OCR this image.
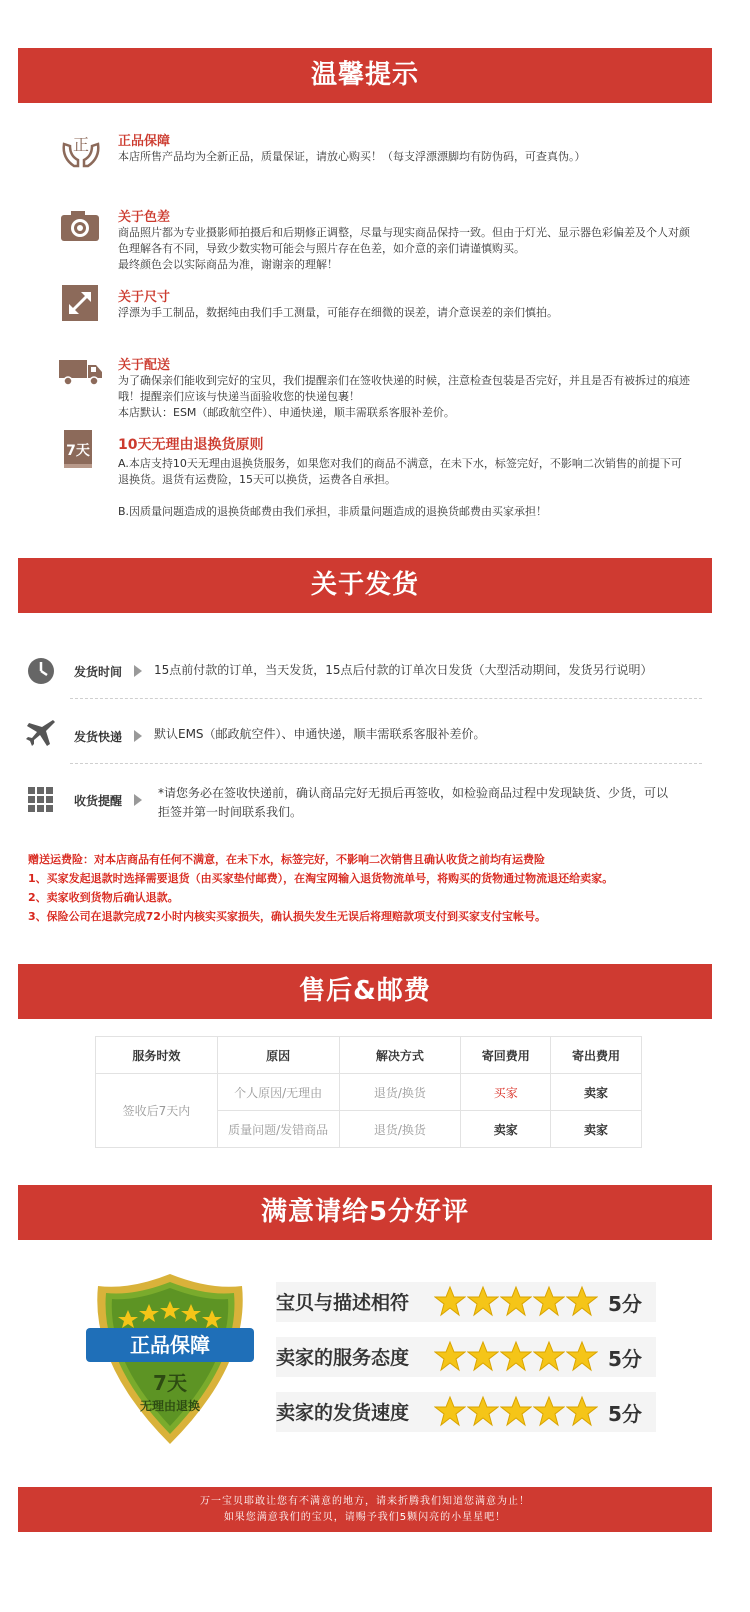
温馨提示
正 正品保障

本店所售产品均为全新正品，质量保证，请放心购买！（每支浮漂漂脚均有防伪码，可查真伪。）

关于色差

商品照片都为专业摄影师拍摄后和后期修正调整，尽量与现实商品保持一致。但由于灯光、显示器色彩偏差及个人对颜色理解各有不同，导致少数实物可能会与照片存在色差，如介意的亲们请谨慎购买。

最终颜色会以实际商品为准，谢谢亲的理解！

关于尺寸

浮漂为手工制品，数据纯由我们手工测量，可能存在细微的误差，请介意误差的亲们慎拍。

关于配送

为了确保亲们能收到完好的宝贝，我们提醒亲们在签收快递的时候，注意检查包装是否完好，并且是否有被拆过的痕迹哦！提醒亲们应该与快递当面验收您的快递包裹！

本店默认：ESM（邮政航空件）、申通快递，顺丰需联系客服补差价。

7天 10天无理由退换货原则

A.本店支持10天无理由退换货服务，如果您对我们的商品不满意，在未下水，标签完好，不影响二次销售的前提下可退换货。退货有运费险，15天可以换货，运费各自承担。

B.因质量问题造成的退换货邮费由我们承担，非质量问题造成的退换货邮费由买家承担！

关于发货
发货时间	15点前付款的订单，当天发货，15点后付款的订单次日发货（大型活动期间，发货另行说明）
发货快递	默认EMS（邮政航空件）、申通快递，顺丰需联系客服补差价。
收货提醒
*请您务必在签收快递前，确认商品完好无损后再签收，如检验商品过程中发现缺货、少货，可以拒签并第一时间联系我们。
赠送运费险：对本店商品有任何不满意，在未下水，标签完好，不影响二次销售且确认收货之前均有运费险
1、买家发起退款时选择需要退货（由买家垫付邮费），在淘宝网输入退货物流单号，将购买的货物通过物流退还给卖家。
2、卖家收到货物后确认退款。
3、保险公司在退款完成72小时内核实买家损失，确认损失发生无误后将理赔款项支付到买家支付宝帐号。
售后&邮费
服务时效	原因	解决方式	寄回费用	寄出费用
签收后7天内	个人原因/无理由	退货/换货	买家	卖家
	质量问题/发错商品	退货/换货	卖家	卖家
满意请给5分好评
正品保障
7天
无理由退换
宝贝与描述相符	5分
卖家的服务态度	5分
卖家的发货速度	5分
万一宝贝耶敢让您有不满意的地方，请来折腾我们知道您满意为止！
如果您满意我们的宝贝，请赐予我们5颗闪亮的小星星吧！
